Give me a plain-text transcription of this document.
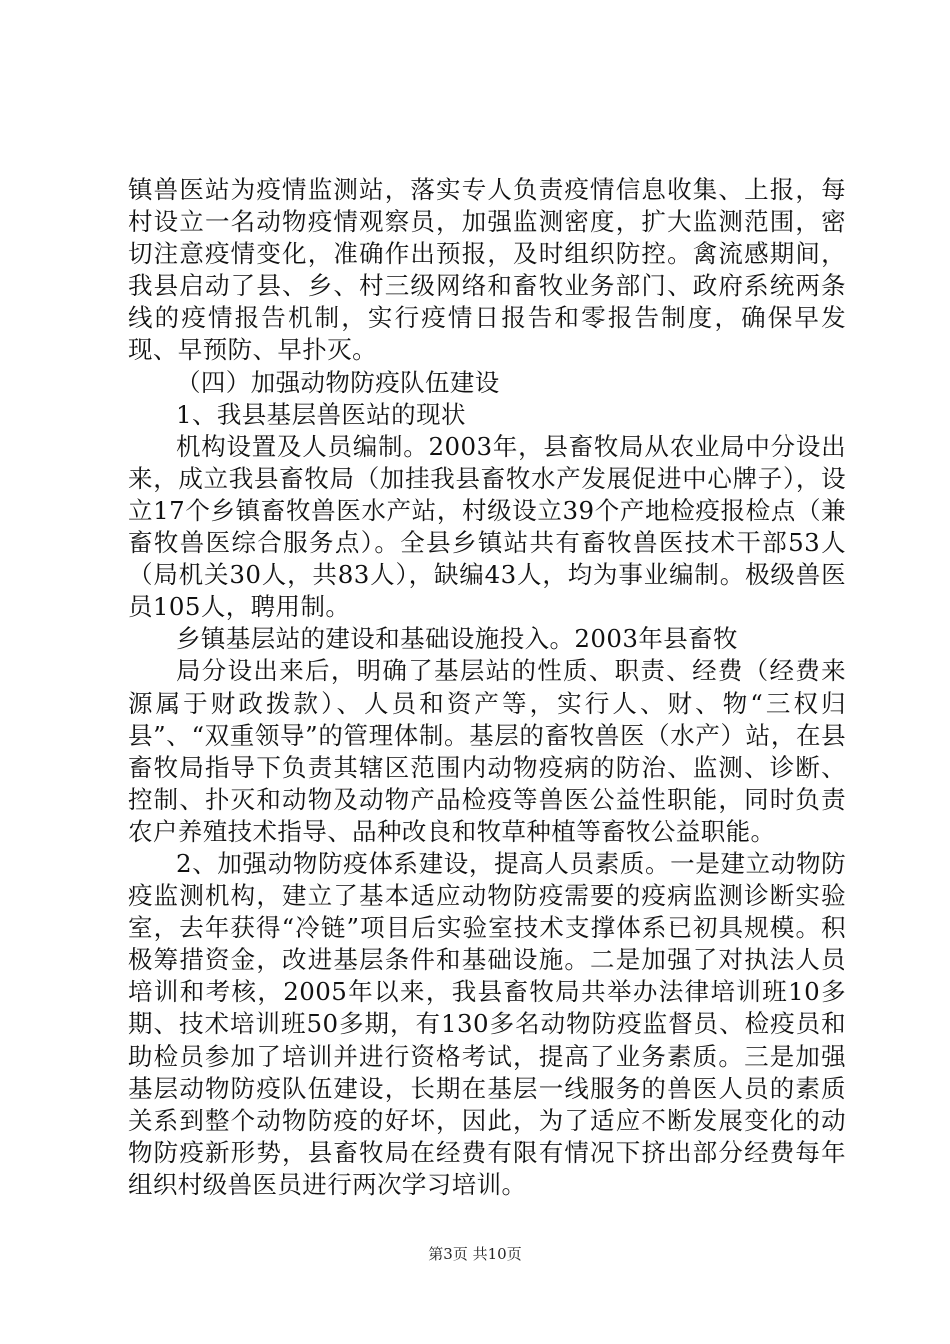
镇兽医站为疫情监测站，落实专人负责疫情信息收集、上报，每村设立一名动物疫情观察员，加强监测密度，扩大监测范围，密切注意疫情变化，准确作出预报，及时组织防控。禽流感期间，我县启动了县、乡、村三级网络和畜牧业务部门、政府系统两条线的疫情报告机制，实行疫情日报告和零报告制度，确保早发现、早预防、早扑灭。

（四）加强动物防疫队伍建设

1、我县基层兽医站的现状

机构设置及人员编制。2003年，县畜牧局从农业局中分设出来，成立我县畜牧局（加挂我县畜牧水产发展促进中心牌子），设立17个乡镇畜牧兽医水产站，村级设立39个产地检疫报检点（兼畜牧兽医综合服务点）。全县乡镇站共有畜牧兽医技术干部53人（局机关30人，共83人），缺编43人，均为事业编制。极级兽医员105人，聘用制。

乡镇基层站的建设和基础设施投入。2003年县畜牧

局分设出来后，明确了基层站的性质、职责、经费（经费来源属于财政拨款）、人员和资产等，实行人、财、物“三权归县”、“双重领导”的管理体制。基层的畜牧兽医（水产）站，在县畜牧局指导下负责其辖区范围内动物疫病的防治、监测、诊断、控制、扑灭和动物及动物产品检疫等兽医公益性职能，同时负责农户养殖技术指导、品种改良和牧草种植等畜牧公益职能。

2、加强动物防疫体系建设，提高人员素质。一是建立动物防疫监测机构，建立了基本适应动物防疫需要的疫病监测诊断实验室，去年获得“冷链”项目后实验室技术支撑体系已初具规模。积极筹措资金，改进基层条件和基础设施。二是加强了对执法人员培训和考核，2005年以来，我县畜牧局共举办法律培训班10多期、技术培训班50多期，有130多名动物防疫监督员、检疫员和助检员参加了培训并进行资格考试，提高了业务素质。三是加强基层动物防疫队伍建设，长期在基层一线服务的兽医人员的素质关系到整个动物防疫的好坏，因此，为了适应不断发展变化的动物防疫新形势，县畜牧局在经费有限有情况下挤出部分经费每年组织村级兽医员进行两次学习培训。

第3页 共10页
